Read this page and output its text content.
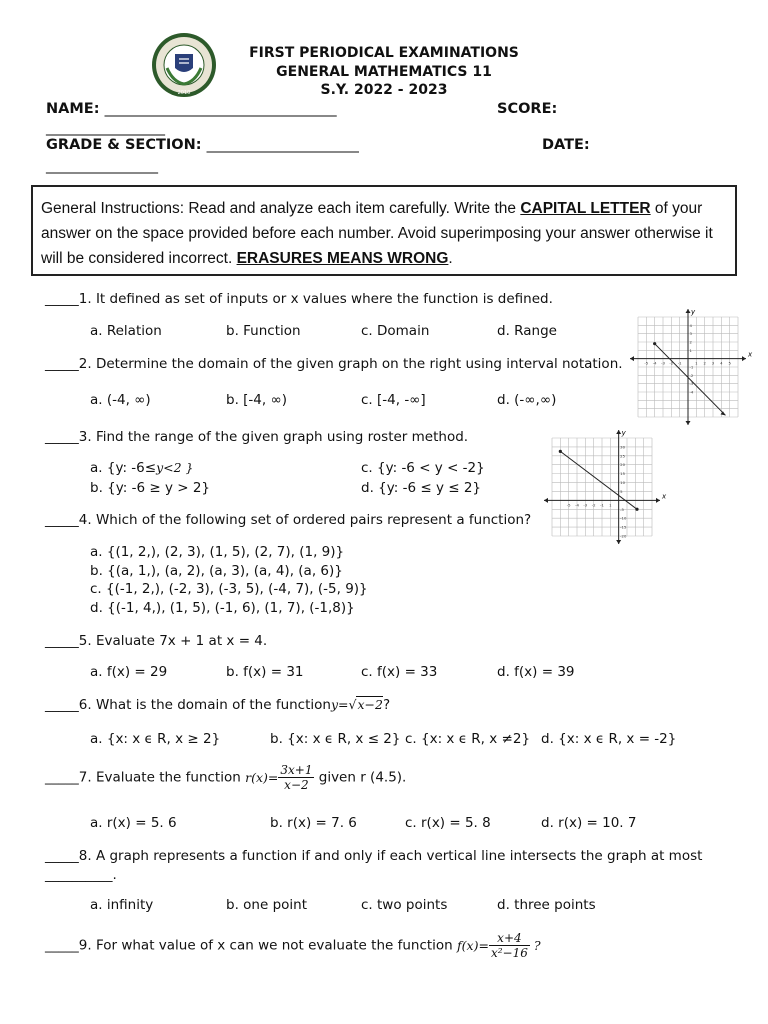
2010
FIRST PERIODICAL EXAMINATIONS
GENERAL MATHEMATICS 11
S.Y. 2022 - 2023
NAME: ________________________________	SCORE:
_________________
GRADE & SECTION: _____________________	DATE:
________________
General Instructions: Read and analyze each item carefully. Write the CAPITAL LETTER of your answer on the space provided before each number. Avoid superimposing your answer otherwise it will be considered incorrect. ERASURES MEANS WRONG.
_____1. It defined as set of inputs or x values where the function is defined.
a. Relation	b. Function	c. Domain	d. Range
_____2. Determine the domain of the given graph on the right using interval notation.
a. (-4, ∞)	b. [-4, ∞)	c. [-4, -∞]	d. (-∞,∞)
x
y
-5 -4 -3 -2 -1	1 2 3 4 5
4
3
2
1
-1
-2
-3
-4
_____3. Find the range of the given graph using roster method.
a. {y: -6≤y<2 }	c. {y: -6 < y < -2}
b. {y: -6 ≥ y > 2}	d. {y: -6 ≤ y ≤ 2}
x
y
-5 -4 -3 -2 -1 1
30
25
20
15
10
5
-5
-10
-15
-20
_____4. Which of the following set of ordered pairs represent a function?
a. {(1, 2,), (2, 3), (1, 5), (2, 7), (1, 9)}
b. {(a, 1,), (a, 2), (a, 3), (a, 4), (a, 6)}
c. {(-1, 2,), (-2, 3), (-3, 5), (-4, 7), (-5, 9)}
d. {(-1, 4,), (1, 5), (-1, 6), (1, 7), (-1,8)}
_____5. Evaluate 7x + 1 at x = 4.
a. f(x) = 29	b. f(x) = 31	c. f(x) = 33	d. f(x) = 39
_____6. What is the domain of the functiony=√x−2?
a. {x: x ϵ R, x ≥ 2}	b. {x: x ϵ R, x ≤ 2} c. {x: x ϵ R, x ≠2} d. {x: x ϵ R, x = -2}
_____7. Evaluate the function $r(x)= \frac{3x+1}{x-2}$ given r (4.5).
a. r(x) = 5. 6	b. r(x) = 7. 6	c. r(x) = 5. 8	d. r(x) = 10. 7
_____8. A graph represents a function if and only if each vertical line intersects the graph at most
__________.
a. infinity	b. one point	c. two points	d. three points
_____9. For what value of x can we not evaluate the function $f(x)= \frac{x+4}{\text{x²−16}}$ ?
